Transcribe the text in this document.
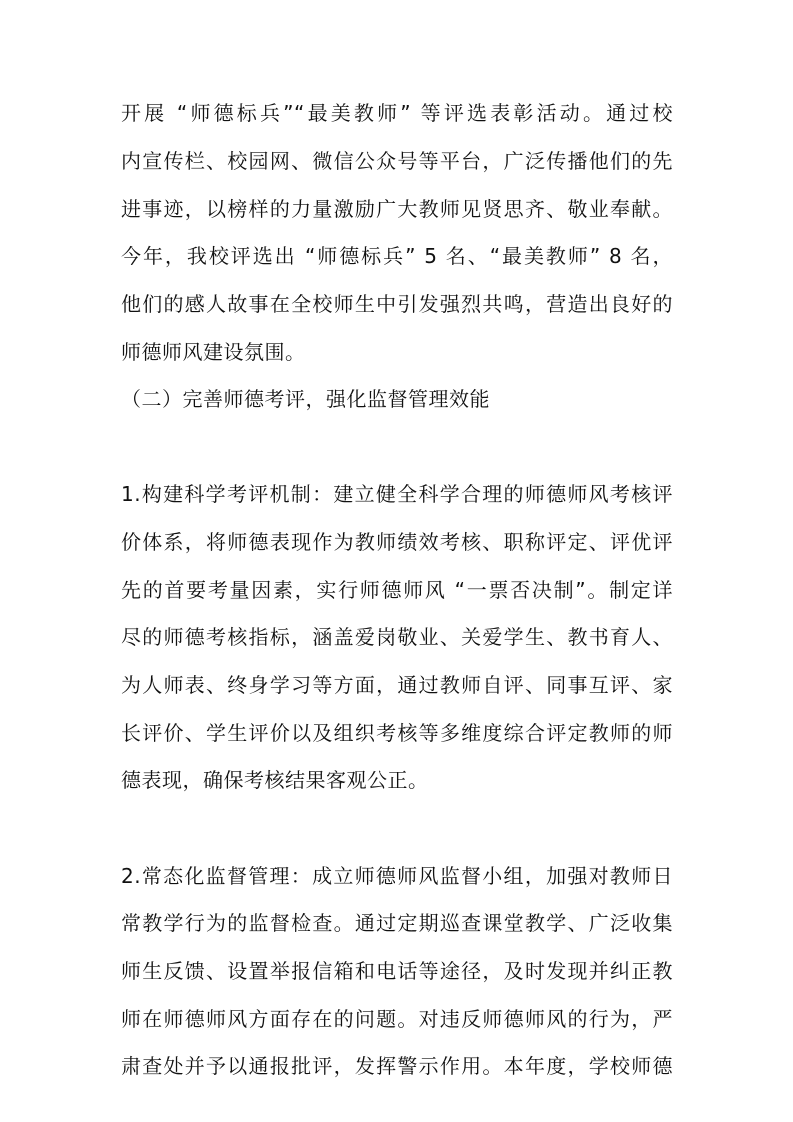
开展 “师德标兵”“最美教师” 等评选表彰活动。通过校
内宣传栏、校园网、微信公众号等平台，广泛传播他们的先
进事迹，以榜样的力量激励广大教师见贤思齐、敬业奉献。
今年，我校评选出 “师德标兵” 5 名、“最美教师” 8 名，
他们的感人故事在全校师生中引发强烈共鸣，营造出良好的
师德师风建设氛围。
（二）完善师德考评，强化监督管理效能
1.构建科学考评机制：建立健全科学合理的师德师风考核评
价体系，将师德表现作为教师绩效考核、职称评定、评优评
先的首要考量因素，实行师德师风 “一票否决制”。制定详
尽的师德考核指标，涵盖爱岗敬业、关爱学生、教书育人、
为人师表、终身学习等方面，通过教师自评、同事互评、家
长评价、学生评价以及组织考核等多维度综合评定教师的师
德表现，确保考核结果客观公正。
2.常态化监督管理：成立师德师风监督小组，加强对教师日
常教学行为的监督检查。通过定期巡查课堂教学、广泛收集
师生反馈、设置举报信箱和电话等途径，及时发现并纠正教
师在师德师风方面存在的问题。对违反师德师风的行为，严
肃查处并予以通报批评，发挥警示作用。本年度，学校师德
